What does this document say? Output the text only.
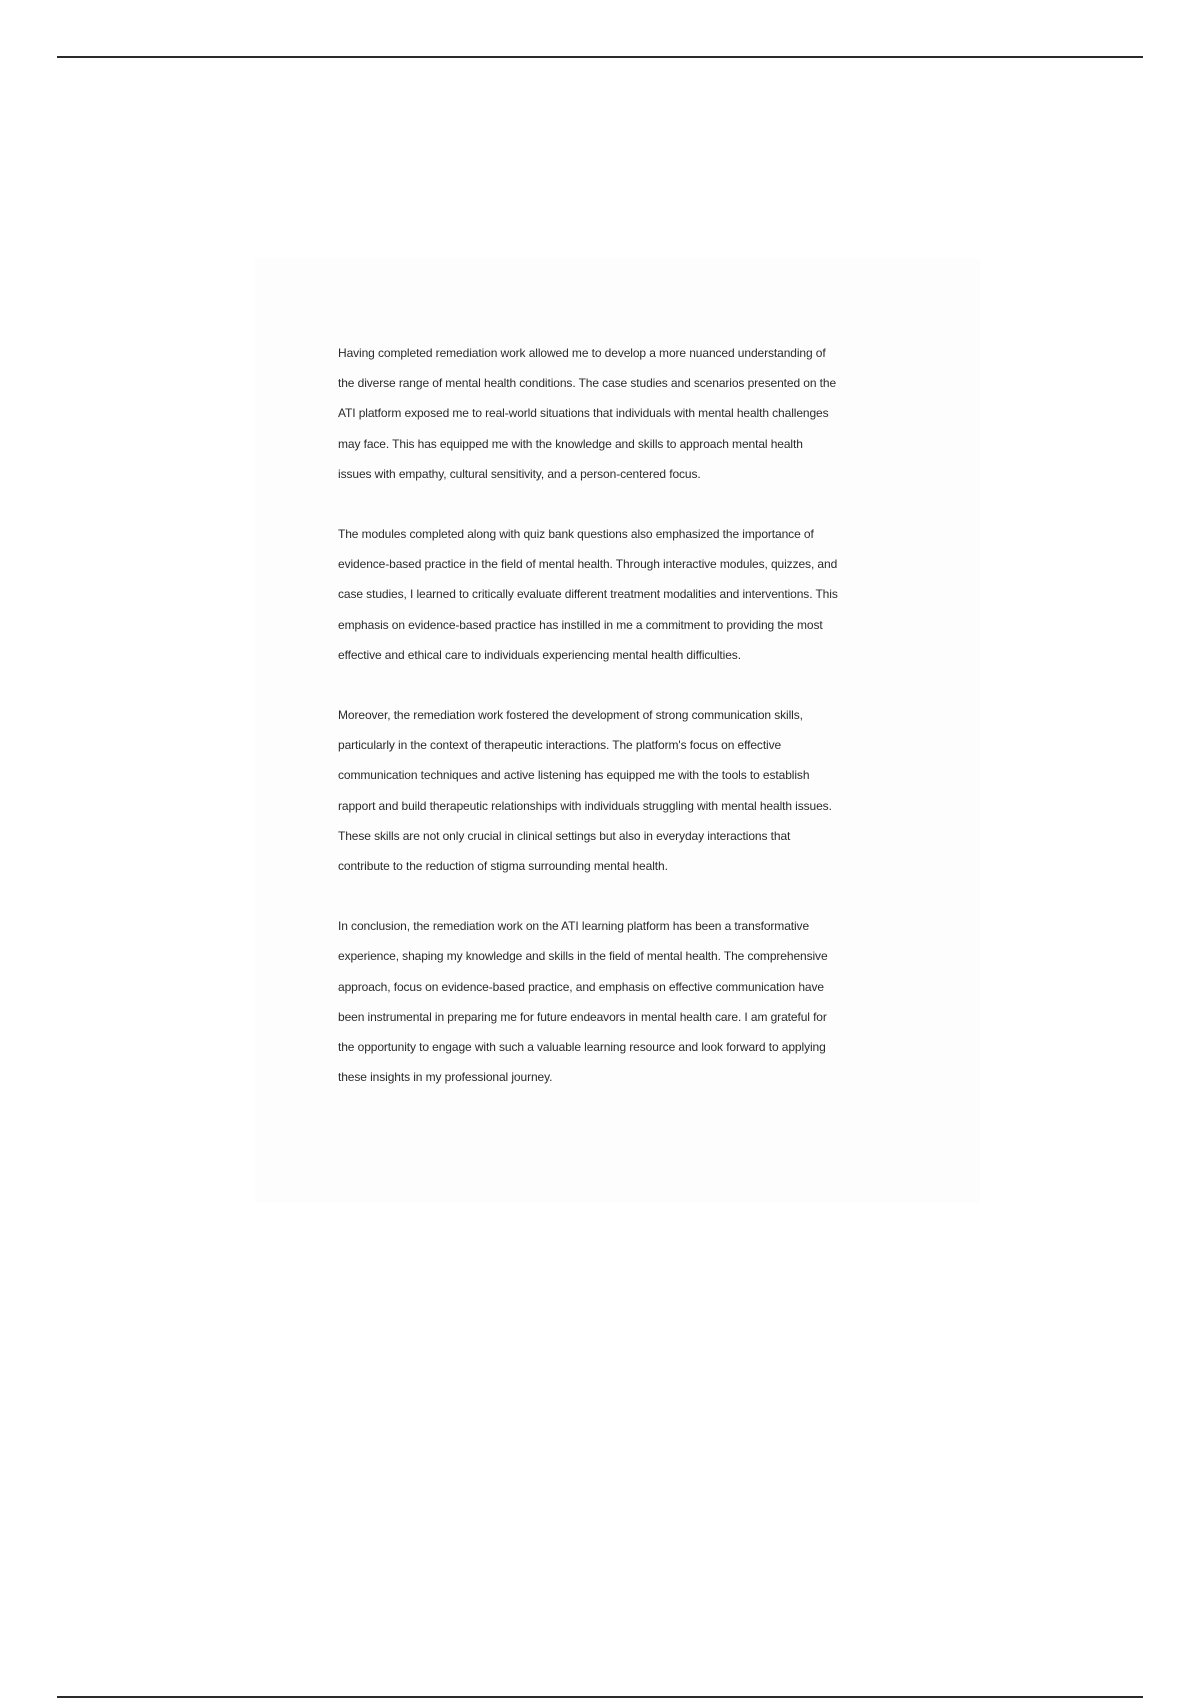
Having completed remediation work allowed me to develop a more nuanced understanding of
the diverse range of mental health conditions. The case studies and scenarios presented on the
ATI platform exposed me to real-world situations that individuals with mental health challenges
may face. This has equipped me with the knowledge and skills to approach mental health
issues with empathy, cultural sensitivity, and a person-centered focus.

The modules completed along with quiz bank questions also emphasized the importance of
evidence-based practice in the field of mental health. Through interactive modules, quizzes, and
case studies, I learned to critically evaluate different treatment modalities and interventions. This
emphasis on evidence-based practice has instilled in me a commitment to providing the most
effective and ethical care to individuals experiencing mental health difficulties.

Moreover, the remediation work fostered the development of strong communication skills,
particularly in the context of therapeutic interactions. The platform's focus on effective
communication techniques and active listening has equipped me with the tools to establish
rapport and build therapeutic relationships with individuals struggling with mental health issues.
These skills are not only crucial in clinical settings but also in everyday interactions that
contribute to the reduction of stigma surrounding mental health.

In conclusion, the remediation work on the ATI learning platform has been a transformative
experience, shaping my knowledge and skills in the field of mental health. The comprehensive
approach, focus on evidence-based practice, and emphasis on effective communication have
been instrumental in preparing me for future endeavors in mental health care. I am grateful for
the opportunity to engage with such a valuable learning resource and look forward to applying
these insights in my professional journey.
